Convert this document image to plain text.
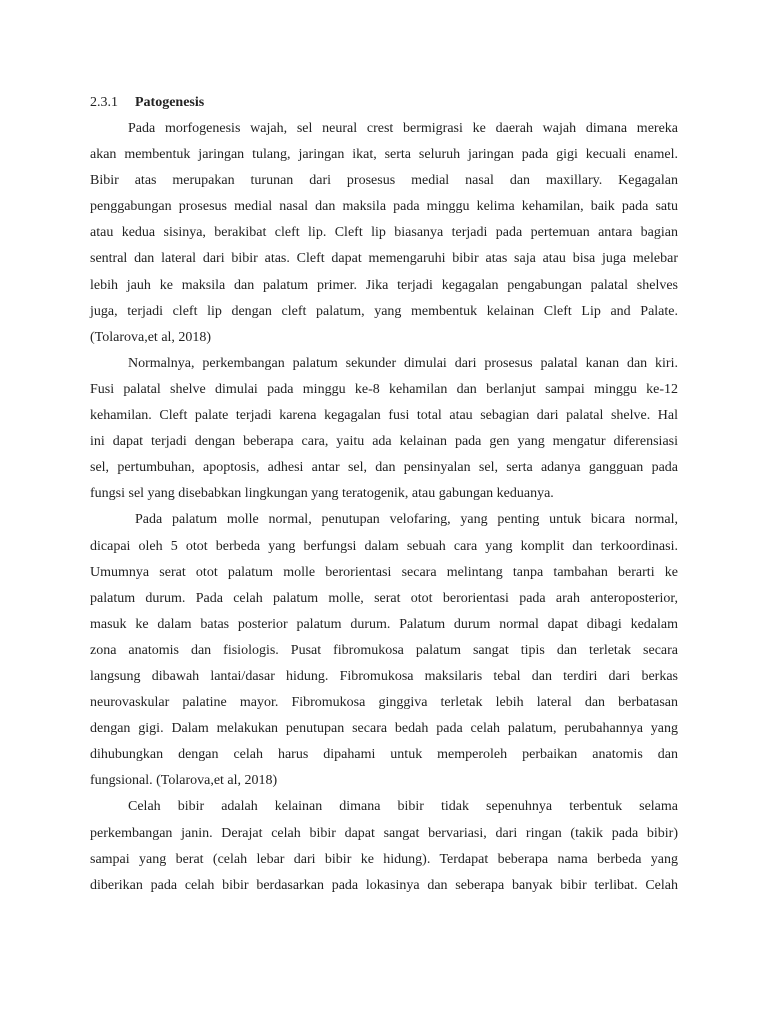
2.3.1 Patogenesis
Pada morfogenesis wajah, sel neural crest bermigrasi ke daerah wajah dimana mereka
akan membentuk jaringan tulang, jaringan ikat, serta seluruh jaringan pada gigi kecuali enamel.
Bibir atas merupakan turunan dari prosesus medial nasal dan maxillary. Kegagalan
penggabungan prosesus medial nasal dan maksila pada minggu kelima kehamilan, baik pada satu
atau kedua sisinya, berakibat cleft lip. Cleft lip biasanya terjadi pada pertemuan antara bagian
sentral dan lateral dari bibir atas. Cleft dapat memengaruhi bibir atas saja atau bisa juga melebar
lebih jauh ke maksila dan palatum primer. Jika terjadi kegagalan pengabungan palatal shelves
juga, terjadi cleft lip dengan cleft palatum, yang membentuk kelainan Cleft Lip and Palate.
(Tolarova,et al, 2018)
Normalnya, perkembangan palatum sekunder dimulai dari prosesus palatal kanan dan kiri.
Fusi palatal shelve dimulai pada minggu ke-8 kehamilan dan berlanjut sampai minggu ke-12
kehamilan. Cleft palate terjadi karena kegagalan fusi total atau sebagian dari palatal shelve. Hal
ini dapat terjadi dengan beberapa cara, yaitu ada kelainan pada gen yang mengatur diferensiasi
sel, pertumbuhan, apoptosis, adhesi antar sel, dan pensinyalan sel, serta adanya gangguan pada
fungsi sel yang disebabkan lingkungan yang teratogenik, atau gabungan keduanya.
Pada palatum molle normal, penutupan velofaring, yang penting untuk bicara normal,
dicapai oleh 5 otot berbeda yang berfungsi dalam sebuah cara yang komplit dan terkoordinasi.
Umumnya serat otot palatum molle berorientasi secara melintang tanpa tambahan berarti ke
palatum durum. Pada celah palatum molle, serat otot berorientasi pada arah anteroposterior,
masuk ke dalam batas posterior palatum durum. Palatum durum normal dapat dibagi kedalam
zona anatomis dan fisiologis. Pusat fibromukosa palatum sangat tipis dan terletak secara
langsung dibawah lantai/dasar hidung. Fibromukosa maksilaris tebal dan terdiri dari berkas
neurovaskular palatine mayor. Fibromukosa ginggiva terletak lebih lateral dan berbatasan
dengan gigi. Dalam melakukan penutupan secara bedah pada celah palatum, perubahannya yang
dihubungkan dengan celah harus dipahami untuk memperoleh perbaikan anatomis dan
fungsional. (Tolarova,et al, 2018)
Celah bibir adalah kelainan dimana bibir tidak sepenuhnya terbentuk selama
perkembangan janin. Derajat celah bibir dapat sangat bervariasi, dari ringan (takik pada bibir)
sampai yang berat (celah lebar dari bibir ke hidung). Terdapat beberapa nama berbeda yang
diberikan pada celah bibir berdasarkan pada lokasinya dan seberapa banyak bibir terlibat. Celah
